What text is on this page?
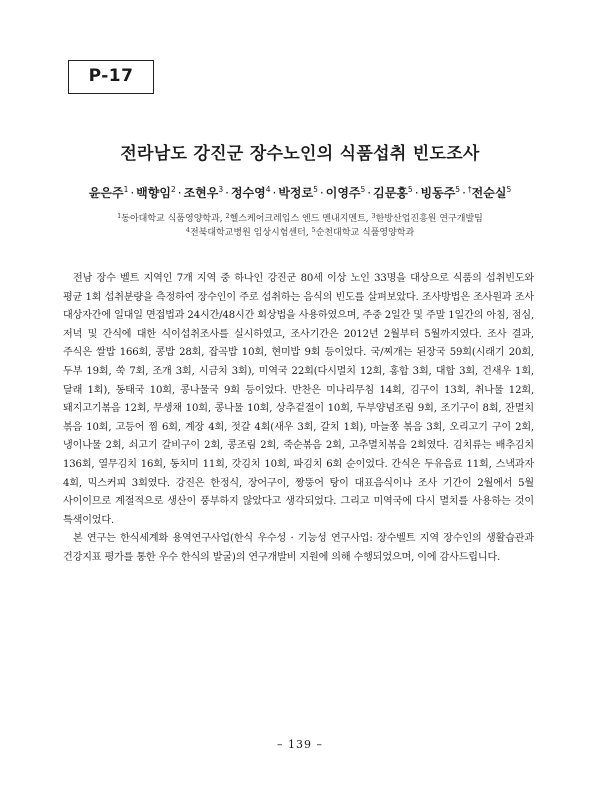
P-17
전라남도 강진군 장수노인의 식품섭취 빈도조사
윤은주$^1$ · 백향임$^2$ · 조현우$^3$ · 정수영$^4$ · 박정로$^5$ · 이영주$^5$ · 김문홍$^5$ · 빙동주$^5$ · †전순실$^5$
$^1$동아대학교 식품영양학과, $^2$헬스케어크레입스 엔드 멘내지멘트, $^3$한방산업진흥원 연구개발팀
$^4$전북대학교병원 임상시험센터, $^5$순천대학교 식품영양학과

전남 장수 벨트 지역인 7개 지역 중 하나인 강진군 80세 이상 노인 33명을 대상으로 식품의 섭취빈도와 평균 1회 섭취분량을 측정하여 장수인이 주로 섭취하는 음식의 빈도를 살펴보았다. 조사방법은 조사원과 조사 대상자간에 일대일 면접법과 24시간/48시간 회상법을 사용하였으며, 주중 2일간 및 주말 1일간의 아침, 점심, 저녁 및 간식에 대한 식이섭취조사를 실시하였고, 조사기간은 2012년 2월부터 5월까지였다. 조사 결과, 주식은 쌀밥 166회, 콩밥 28회, 잡곡밥 10회, 현미밥 9회 등이었다. 국/찌개는 된장국 59회(시래기 20회, 두부 19회, 쑥 7회, 조개 3회, 시금치 3회), 미역국 22회(다시멸치 12회, 홍합 3회, 대합 3회, 건새우 1회, 달래 1회), 동태국 10회, 콩나물국 9회 등이었다. 반찬은 미나리무침 14회, 김구이 13회, 취나물 12회, 돼지고기볶음 12회, 무생채 10회, 콩나물 10회, 상추겉절이 10회, 두부양념조림 9회, 조기구이 8회, 잔멸치 볶음 10회, 고등어 찜 6회, 계장 4회, 젓갈 4회(새우 3회, 갈치 1회), 마늘쫑 볶음 3회, 오리고기 구이 2회, 냉이나물 2회, 쇠고기 갈비구이 2회, 콩조림 2회, 죽순볶음 2회, 고추멸치볶음 2회였다. 김치류는 배추김치 136회, 열무김치 16회, 동치미 11회, 갓김치 10회, 파김치 6회 순이었다. 간식은 두유음료 11회, 스낵과자 4회, 믹스커피 3회였다. 강진은 한정식, 장어구이, 짱뚱어 탕이 대표음식이나 조사 기간이 2월에서 5월 사이이므로 계절적으로 생산이 풍부하지 않았다고 생각되었다. 그리고 미역국에 다시 멸치를 사용하는 것이 특색이었다.

본 연구는 한식세계화 용역연구사업(한식 우수성 · 기능성 연구사업: 장수벨트 지역 장수인의 생활습관과 건강지표 평가를 통한 우수 한식의 발굴)의 연구개발비 지원에 의해 수행되었으며, 이에 감사드립니다.

– 139 –
